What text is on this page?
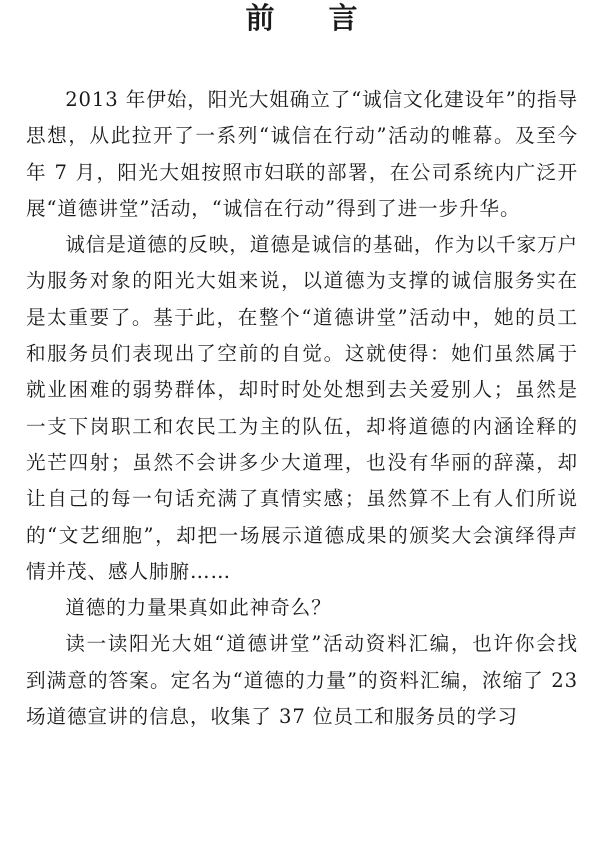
前 言

2013 年伊始，阳光大姐确立了“诚信文化建设年”的指导思想，从此拉开了一系列“诚信在行动”活动的帷幕。及至今年 7 月，阳光大姐按照市妇联的部署，在公司系统内广泛开展“道德讲堂”活动，“诚信在行动”得到了进一步升华。

诚信是道德的反映，道德是诚信的基础，作为以千家万户为服务对象的阳光大姐来说，以道德为支撑的诚信服务实在是太重要了。基于此，在整个“道德讲堂”活动中，她的员工和服务员们表现出了空前的自觉。这就使得：她们虽然属于就业困难的弱势群体，却时时处处想到去关爱别人；虽然是一支下岗职工和农民工为主的队伍，却将道德的内涵诠释的光芒四射；虽然不会讲多少大道理，也没有华丽的辞藻，却让自己的每一句话充满了真情实感；虽然算不上有人们所说的“文艺细胞”，却把一场展示道德成果的颁奖大会演绎得声情并茂、感人肺腑……

道德的力量果真如此神奇么？

读一读阳光大姐“道德讲堂”活动资料汇编，也许你会找到满意的答案。定名为“道德的力量”的资料汇编，浓缩了 23 场道德宣讲的信息，收集了 37 位员工和服务员的学习
